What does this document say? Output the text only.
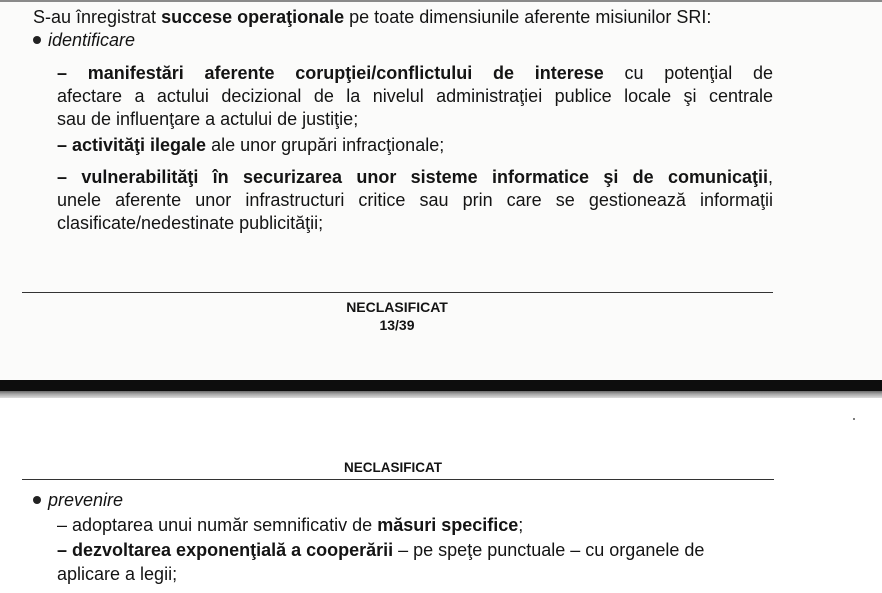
S-au înregistrat succese operaţionale pe toate dimensiunile aferente misiunilor SRI:
identificare
– manifestări aferente corupţiei/conflictului de interese cu potenţial de
afectare a actului decizional de la nivelul administraţiei publice locale şi centrale
sau de influenţare a actului de justiţie;
– activităţi ilegale ale unor grupări infracţionale;
– vulnerabilităţi în securizarea unor sisteme informatice şi de comunicaţii,
unele aferente unor infrastructuri critice sau prin care se gestionează informaţii
clasificate/nedestinate publicităţii;
NECLASIFICAT
13/39
NECLASIFICAT
prevenire
– adoptarea unui număr semnificativ de măsuri specifice;
– dezvoltarea exponenţială a cooperării – pe speţe punctuale – cu organele de
aplicare a legii;
